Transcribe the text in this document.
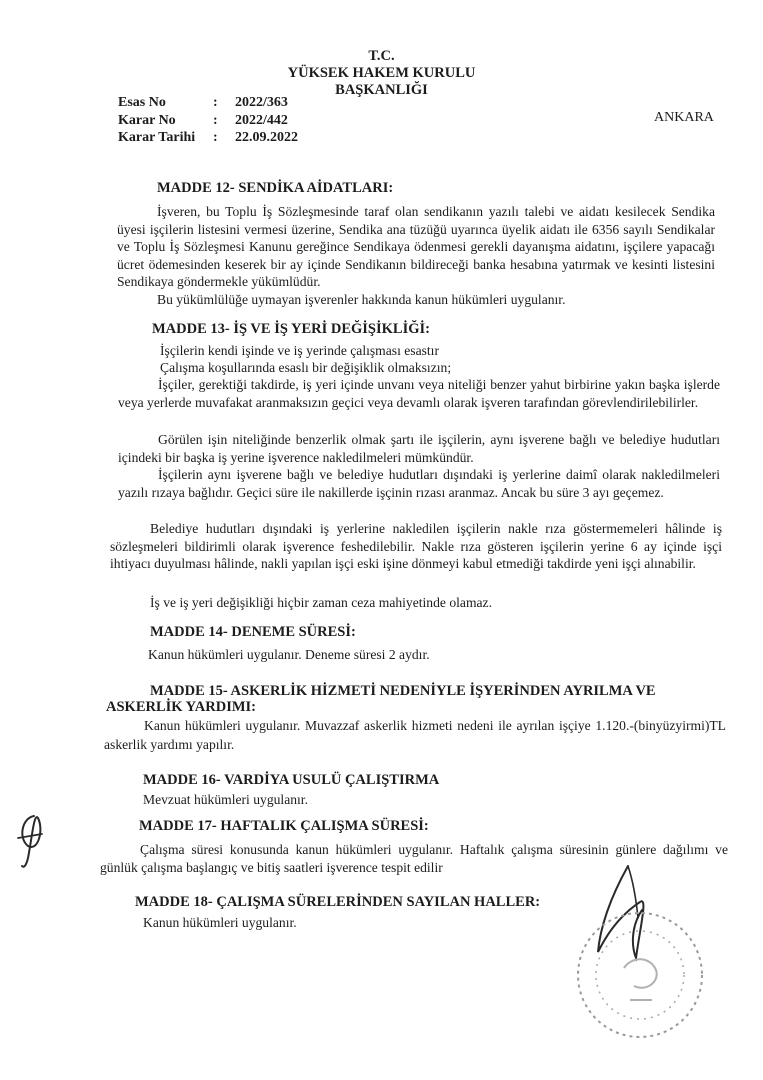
T.C.
YÜKSEK HAKEM KURULU
BAŞKANLIĞI
Esas No	:	2022/363
Karar No	:	2022/442
Karar Tarihi	:	22.09.2022
ANKARA
MADDE 12- SENDİKA AİDATLARI:
İşveren, bu Toplu İş Sözleşmesinde taraf olan sendikanın yazılı talebi ve aidatı kesilecek Sendika üyesi işçilerin listesini vermesi üzerine, Sendika ana tüzüğü uyarınca üyelik aidatı ile 6356 sayılı Sendikalar ve Toplu İş Sözleşmesi Kanunu gereğince Sendikaya ödenmesi gerekli dayanışma aidatını, işçilere yapacağı ücret ödemesinden keserek bir ay içinde Sendikanın bildireceği banka hesabına yatırmak ve kesinti listesini Sendikaya göndermekle yükümlüdür.
Bu yükümlülüğe uymayan işverenler hakkında kanun hükümleri uygulanır.
MADDE 13- İŞ VE İŞ YERİ DEĞİŞİKLİĞİ:
İşçilerin kendi işinde ve iş yerinde çalışması esastır
Çalışma koşullarında esaslı bir değişiklik olmaksızın;
İşçiler, gerektiği takdirde, iş yeri içinde unvanı veya niteliği benzer yahut birbirine yakın başka işlerde veya yerlerde muvafakat aranmaksızın geçici veya devamlı olarak işveren tarafından görevlendirilebilirler.
Görülen işin niteliğinde benzerlik olmak şartı ile işçilerin, aynı işverene bağlı ve belediye hudutları içindeki bir başka iş yerine işverence nakledilmeleri mümkündür.
İşçilerin aynı işverene bağlı ve belediye hudutları dışındaki iş yerlerine daimî olarak nakledilmeleri yazılı rızaya bağlıdır. Geçici süre ile nakillerde işçinin rızası aranmaz. Ancak bu süre 3 ayı geçemez.
Belediye hudutları dışındaki iş yerlerine nakledilen işçilerin nakle rıza göstermemeleri hâlinde iş sözleşmeleri bildirimli olarak işverence feshedilebilir. Nakle rıza gösteren işçilerin yerine 6 ay içinde işçi ihtiyacı duyulması hâlinde, nakli yapılan işçi eski işine dönmeyi kabul etmediği takdirde yeni işçi alınabilir.
İş ve iş yeri değişikliği hiçbir zaman ceza mahiyetinde olamaz.
MADDE 14- DENEME SÜRESİ:
Kanun hükümleri uygulanır. Deneme süresi 2 aydır.
MADDE 15- ASKERLİK HİZMETİ NEDENİYLE İŞYERİNDEN AYRILMA VE ASKERLİK YARDIMI:
Kanun hükümleri uygulanır. Muvazzaf askerlik hizmeti nedeni ile ayrılan işçiye 1.120.-(binyüzyirmi)TL askerlik yardımı yapılır.
MADDE 16- VARDİYA USULÜ ÇALIŞTIRMA
Mevzuat hükümleri uygulanır.
MADDE 17- HAFTALIK ÇALIŞMA SÜRESİ:
Çalışma süresi konusunda kanun hükümleri uygulanır. Haftalık çalışma süresinin günlere dağılımı ve günlük çalışma başlangıç ve bitiş saatleri işverence tespit edilir
MADDE 18- ÇALIŞMA SÜRELERİNDEN SAYILAN HALLER:
Kanun hükümleri uygulanır.
